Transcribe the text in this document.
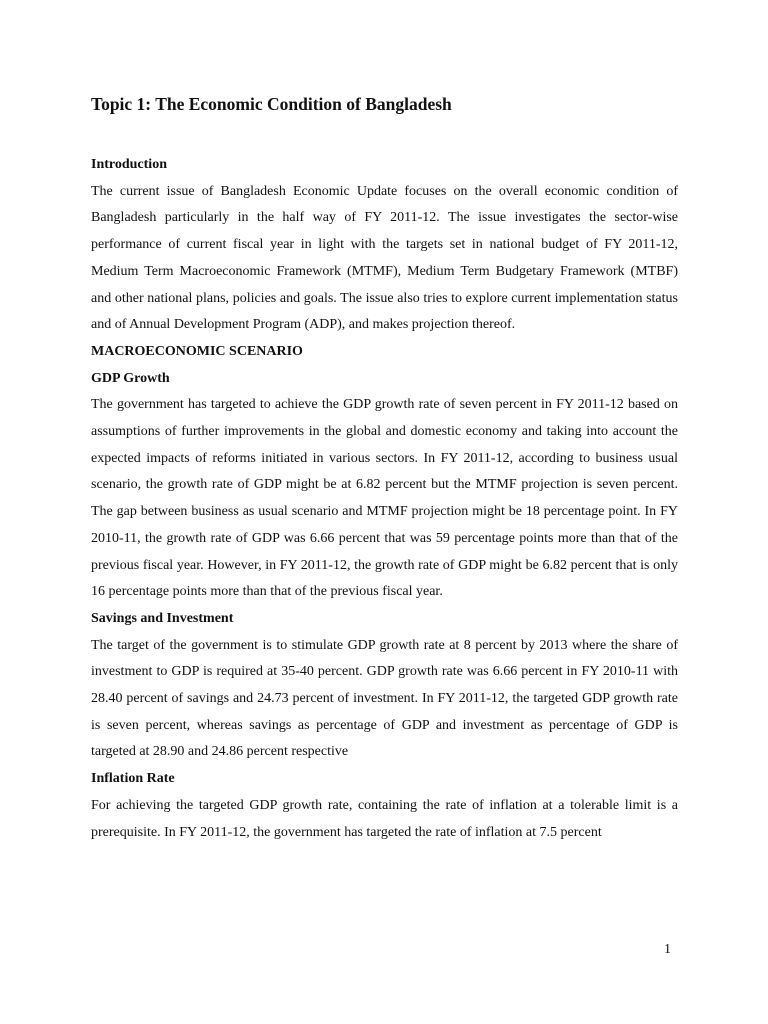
Topic 1: The Economic Condition of Bangladesh
Introduction

The current issue of Bangladesh Economic Update focuses on the overall economic condition of Bangladesh particularly in the half way of FY 2011-12. The issue investigates the sector-wise performance of current fiscal year in light with the targets set in national budget of FY 2011-12, Medium Term Macroeconomic Framework (MTMF), Medium Term Budgetary Framework (MTBF) and other national plans, policies and goals. The issue also tries to explore current implementation status and of Annual Development Program (ADP), and makes projection thereof.

MACROECONOMIC SCENARIO
GDP Growth

The government has targeted to achieve the GDP growth rate of seven percent in FY 2011-12 based on assumptions of further improvements in the global and domestic economy and taking into account the expected impacts of reforms initiated in various sectors. In FY 2011-12, according to business usual scenario, the growth rate of GDP might be at 6.82 percent but the MTMF projection is seven percent. The gap between business as usual scenario and MTMF projection might be 18 percentage point. In FY 2010-11, the growth rate of GDP was 6.66 percent that was 59 percentage points more than that of the previous fiscal year. However, in FY 2011-12, the growth rate of GDP might be 6.82 percent that is only 16 percentage points more than that of the previous fiscal year.

Savings and Investment

The target of the government is to stimulate GDP growth rate at 8 percent by 2013 where the share of investment to GDP is required at 35-40 percent. GDP growth rate was 6.66 percent in FY 2010-11 with 28.40 percent of savings and 24.73 percent of investment. In FY 2011-12, the targeted GDP growth rate is seven percent, whereas savings as percentage of GDP and investment as percentage of GDP is targeted at 28.90 and 24.86 percent respective

Inflation Rate

For achieving the targeted GDP growth rate, containing the rate of inflation at a tolerable limit is a prerequisite. In FY 2011-12, the government has targeted the rate of inflation at 7.5 percent

1
